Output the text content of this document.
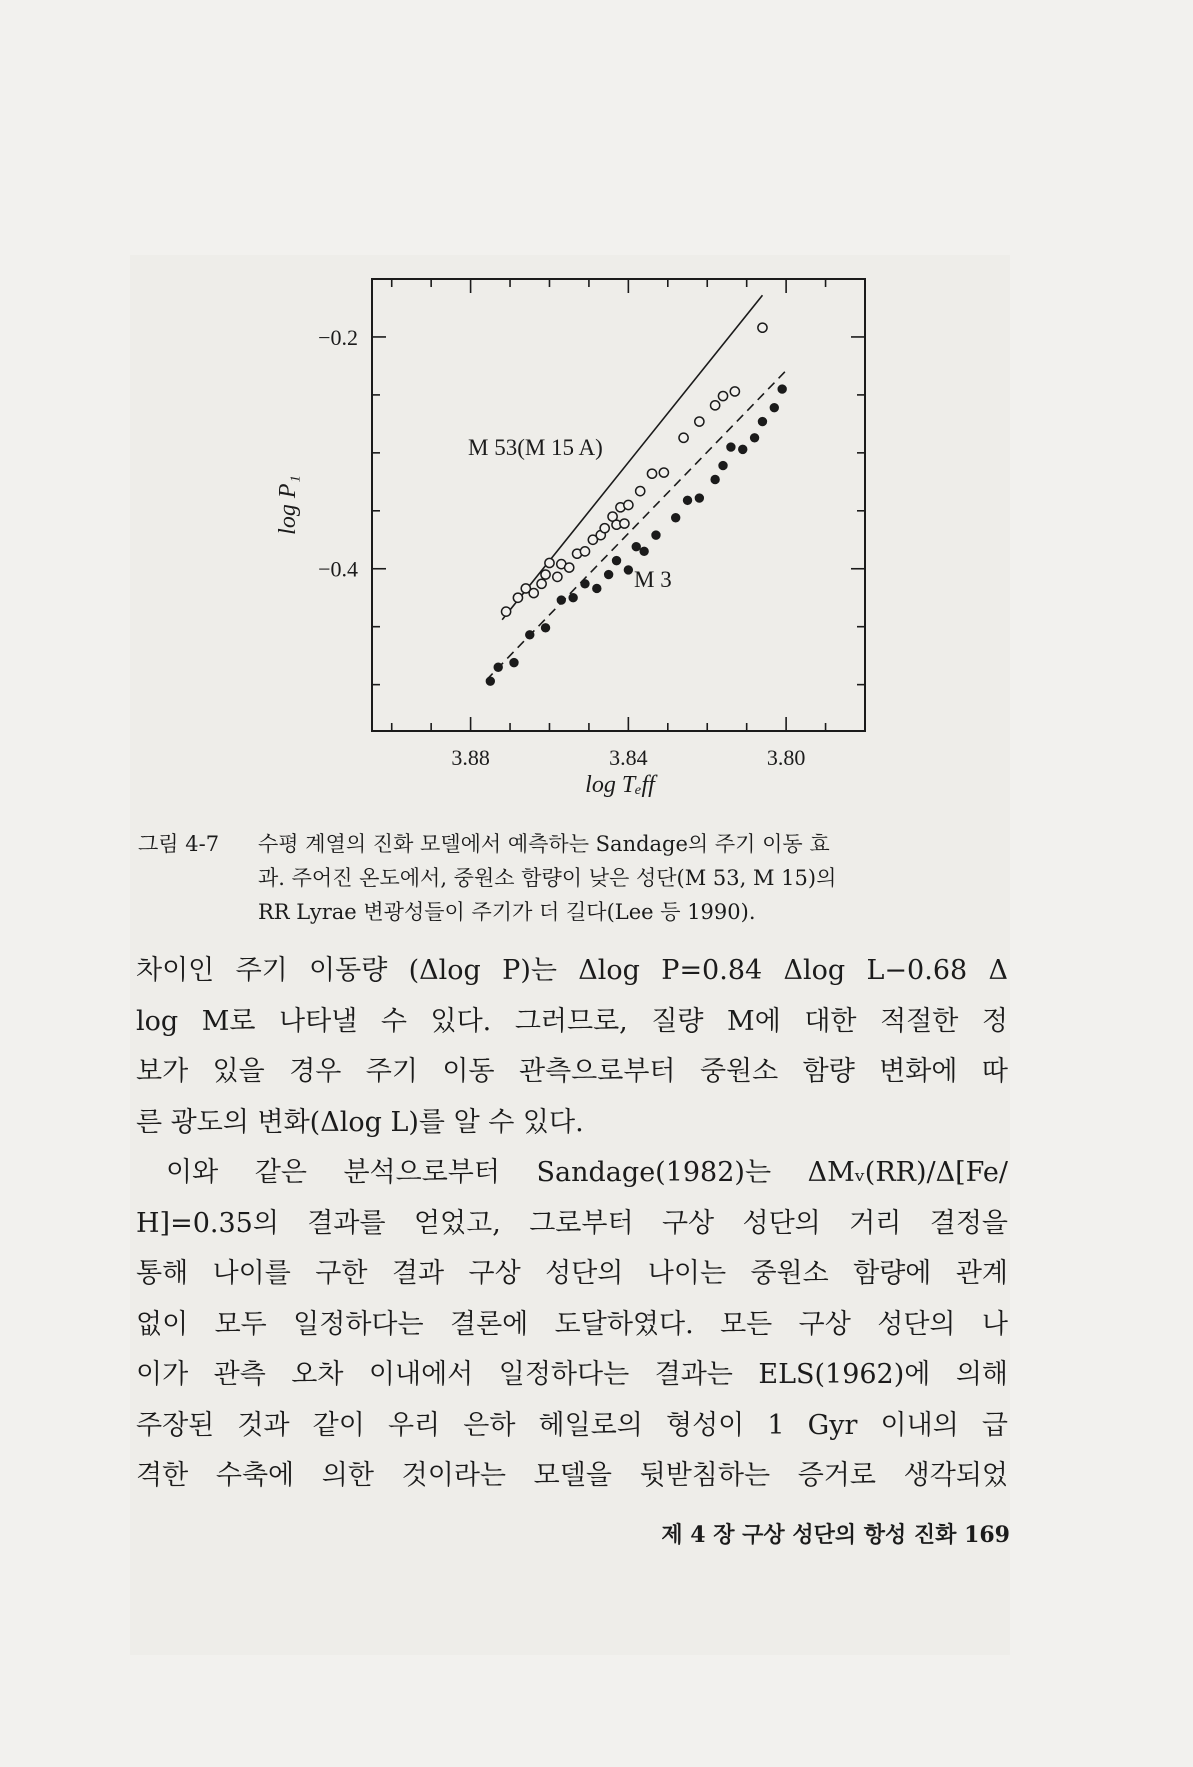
3.88	3.84	3.80
−0.2
−0.4
log P₁
log Tₑff
M 53(M 15 A)
M 3
그림 4-7	수평 계열의 진화 모델에서 예측하는 Sandage의 주기 이동 효
과. 주어진 온도에서, 중원소 함량이 낮은 성단(M 53, M 15)의
RR Lyrae 변광성들이 주기가 더 길다(Lee 등 1990).
차이인 주기 이동량 (Δlog P)는 Δlog P=0.84 Δlog L−0.68 Δ
log M로 나타낼 수 있다. 그러므로, 질량 M에 대한 적절한 정
보가 있을 경우 주기 이동 관측으로부터 중원소 함량 변화에 따
른 광도의 변화(Δlog L)를 알 수 있다.
이와 같은 분석으로부터 Sandage(1982)는 ΔMᵥ(RR)/Δ[Fe/
H]=0.35의 결과를 얻었고, 그로부터 구상 성단의 거리 결정을
통해 나이를 구한 결과 구상 성단의 나이는 중원소 함량에 관계
없이 모두 일정하다는 결론에 도달하였다. 모든 구상 성단의 나
이가 관측 오차 이내에서 일정하다는 결과는 ELS(1962)에 의해
주장된 것과 같이 우리 은하 헤일로의 형성이 1 Gyr 이내의 급
격한 수축에 의한 것이라는 모델을 뒷받침하는 증거로 생각되었
제 4 장 구상 성단의 항성 진화 169
